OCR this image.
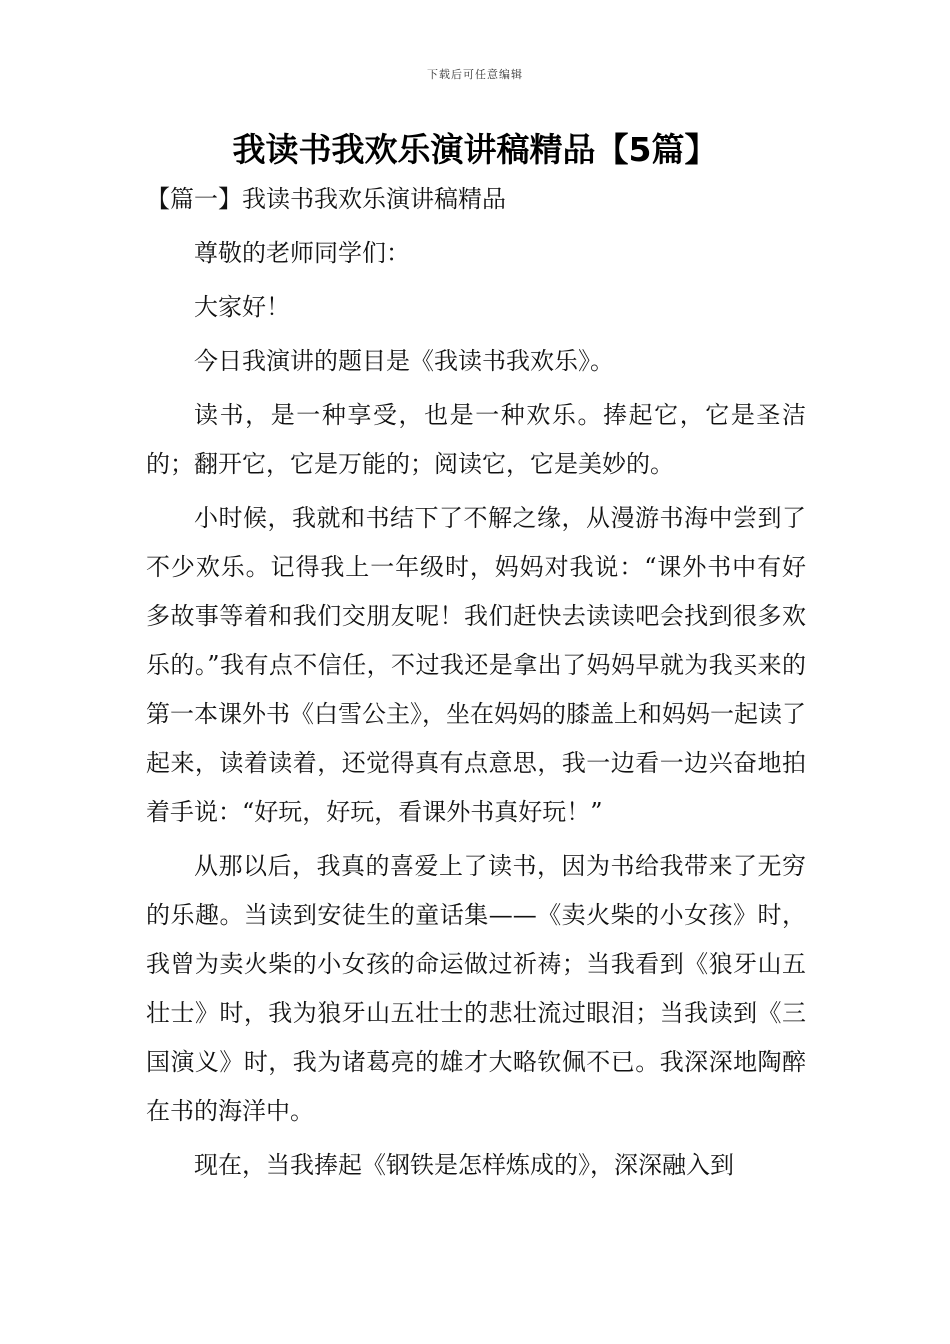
下载后可任意编辑
我读书我欢乐演讲稿精品【5篇】
【篇一】我读书我欢乐演讲稿精品

尊敬的老师同学们：

大家好！

今日我演讲的题目是《我读书我欢乐》。

读书，是一种享受，也是一种欢乐。捧起它，它是圣洁的；翻开它，它是万能的；阅读它，它是美妙的。

小时候，我就和书结下了不解之缘，从漫游书海中尝到了不少欢乐。记得我上一年级时，妈妈对我说：“课外书中有好多故事等着和我们交朋友呢！我们赶快去读读吧会找到很多欢乐的。”我有点不信任，不过我还是拿出了妈妈早就为我买来的第一本课外书《白雪公主》，坐在妈妈的膝盖上和妈妈一起读了起来，读着读着，还觉得真有点意思，我一边看一边兴奋地拍着手说：“好玩，好玩，看课外书真好玩！”

从那以后，我真的喜爱上了读书，因为书给我带来了无穷的乐趣。当读到安徒生的童话集——《卖火柴的小女孩》时，我曾为卖火柴的小女孩的命运做过祈祷；当我看到《狼牙山五壮士》时，我为狼牙山五壮士的悲壮流过眼泪；当我读到《三国演义》时，我为诸葛亮的雄才大略钦佩不已。我深深地陶醉在书的海洋中。

现在，当我捧起《钢铁是怎样炼成的》，深深融入到
